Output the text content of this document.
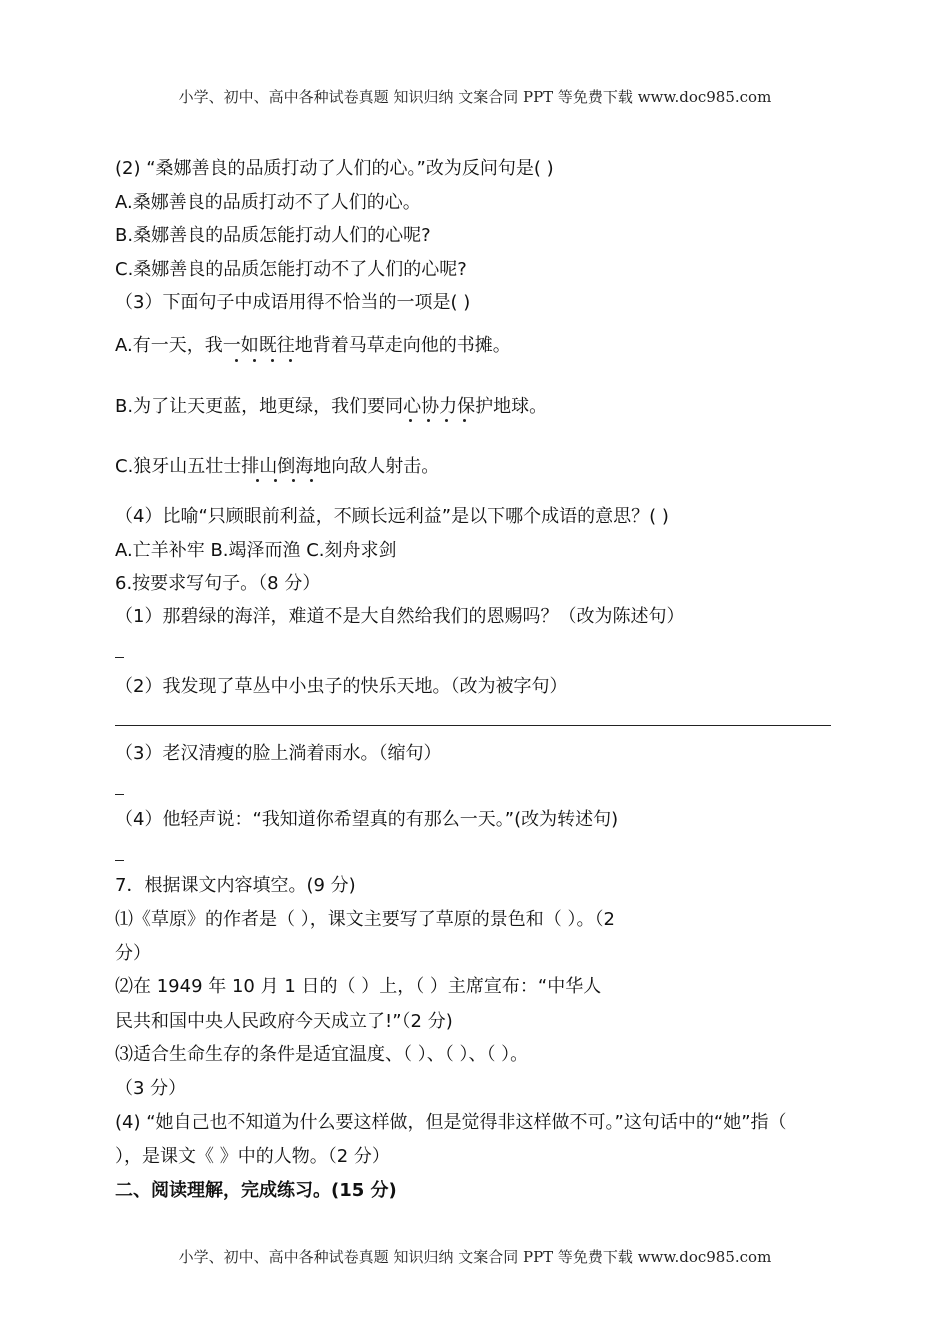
小学、初中、高中各种试卷真题 知识归纳 文案合同 PPT 等免费下载 www.doc985.com
(2) “桑娜善良的品质打动了人们的心。”改为反问句是( )
A.桑娜善良的品质打动不了人们的心。
B.桑娜善良的品质怎能打动人们的心呢?
C.桑娜善良的品质怎能打动不了人们的心呢?
（3）下面句子中成语用得不恰当的一项是( )
A.有一天，我一如既往地背着马草走向他的书摊。
B.为了让天更蓝，地更绿，我们要同心协力保护地球。
C.狼牙山五壮士排山倒海地向敌人射击。
（4）比喻“只顾眼前利益，不顾长远利益”是以下哪个成语的意思？( )
A.亡羊补牢 B.竭泽而渔 C.刻舟求剑
6.按要求写句子。（8 分）
（1）那碧绿的海洋，难道不是大自然给我们的恩赐吗？（改为陈述句）
（2）我发现了草丛中小虫子的快乐天地。（改为被字句）
（3）老汉清瘦的脸上淌着雨水。（缩句）
（4）他轻声说：“我知道你希望真的有那么一天。”(改为转述句)
7．根据课文内容填空。(9 分)
⑴《草原》的作者是（ ），课文主要写了草原的景色和（ ）。（2
分）
⑵在 1949 年 10 月 1 日的（ ）上，（ ）主席宣布：“中华人
民共和国中央人民政府今天成立了!”（2 分)
⑶适合生命生存的条件是适宜温度、（ ）、（ ）、（ ）。
（3 分）
(4) “她自己也不知道为什么要这样做，但是觉得非这样做不可。”这句话中的“她”指（
），是课文《 》中的人物。（2 分）
二、阅读理解，完成练习。(15 分)
小学、初中、高中各种试卷真题 知识归纳 文案合同 PPT 等免费下载 www.doc985.com
